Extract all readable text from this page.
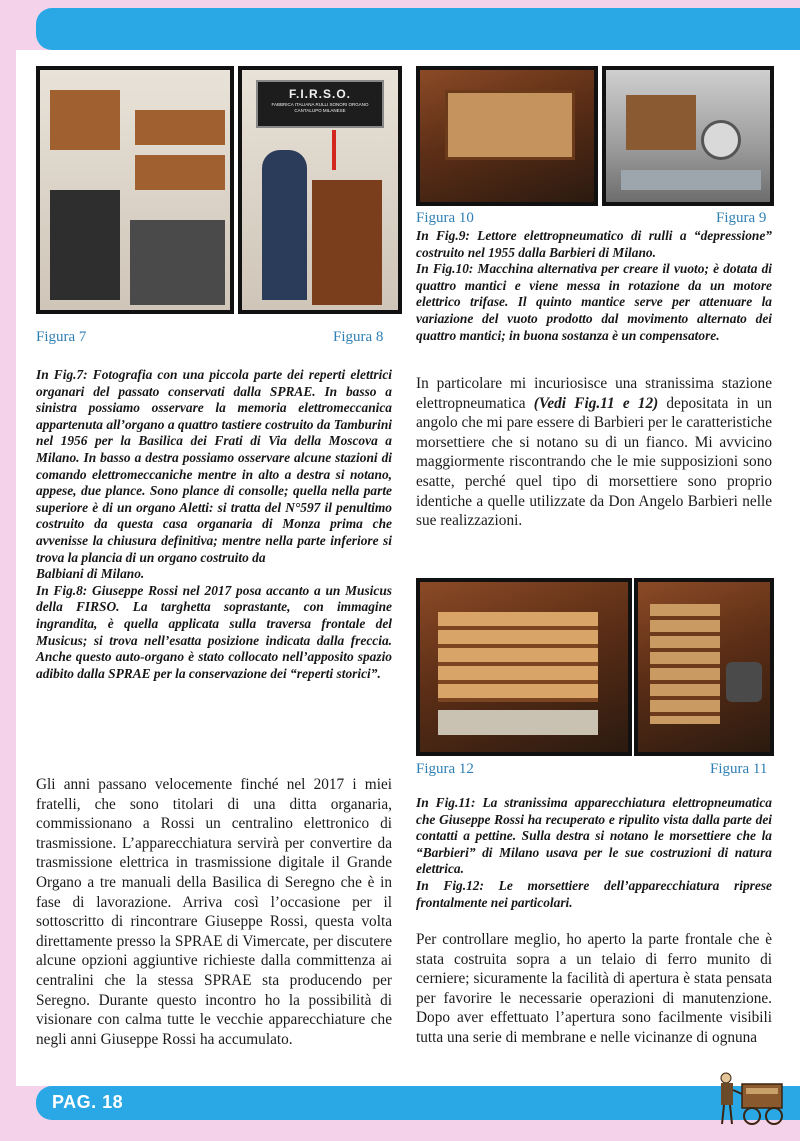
F.I.R.S.O.
FABBRICA ITALIANA RULLI SONORI ORGANO
CANTALUPO MILANESE
Figura 7	Figura 8
Figura 10	Figura 9

In Fig.9: Lettore elettropneumatico di rulli a “depressione” costruito nel 1955 dalla Barbieri di Milano.

In Fig.10: Macchina alternativa per creare il vuoto; è dotata di quattro mantici e viene messa in rotazione da un motore elettrico trifase. Il quinto mantice serve per attenuare la variazione del vuoto prodotto dal movimento alternato dei quattro mantici; in buona sostanza è un compensatore.

In Fig.7: Fotografia con una piccola parte dei reperti elettrici organari del passato conservati dalla SPRAE. In basso a sinistra possiamo osservare la memoria elettromeccanica appartenuta all’organo a quattro tastiere costruito da Tamburini nel 1956 per la Basilica dei Frati di Via della Moscova a Milano. In basso a destra possiamo osservare alcune stazioni di comando elettromeccaniche mentre in alto a destra si notano, appese, due plance. Sono plance di consolle; quella nella parte superiore è di un organo Aletti: si tratta del N°597 il penultimo costruito da questa casa organaria di Monza prima che avvenisse la chiusura definitiva; mentre nella parte inferiore si trova la plancia di un organo costruito da

Balbiani di Milano.

In Fig.8: Giuseppe Rossi nel 2017 posa accanto a un Musicus della FIRSO. La targhetta soprastante, con immagine ingrandita, è quella applicata sulla traversa frontale del Musicus; si trova nell’esatta posizione indicata dalla freccia. Anche questo auto-organo è stato collocato nell’apposito spazio adibito dalla SPRAE per la conservazione dei “reperti storici”.

In particolare mi incuriosisce una stranissima stazione elettropneumatica (Vedi Fig.11 e 12) depositata in un angolo che mi pare essere di Barbieri per le caratteristiche morsettiere che si notano su di un fianco. Mi avvicino maggiormente riscontrando che le mie supposizioni sono esatte, perché quel tipo di morsettiere sono proprio identiche a quelle utilizzate da Don Angelo Barbieri nelle sue realizzazioni.
Figura 12	Figura 11

In Fig.11: La stranissima apparecchiatura elettropneumatica che Giuseppe Rossi ha recuperato e ripulito vista dalla parte dei contatti a pettine. Sulla destra si notano le morsettiere che la “Barbieri” di Milano usava per le sue costruzioni di natura elettrica.

In Fig.12: Le morsettiere dell’apparecchiatura riprese frontalmente nei particolari.

Gli anni passano velocemente finché nel 2017 i miei fratelli, che sono titolari di una ditta organaria, commissionano a Rossi un centralino elettronico di trasmissione. L’apparecchiatura servirà per convertire da trasmissione elettrica in trasmissione digitale il Grande Organo a tre manuali della Basilica di Seregno che è in fase di lavorazione. Arriva così l’occasione per il sottoscritto di rincontrare Giuseppe Rossi, questa volta direttamente presso la SPRAE di Vimercate, per discutere alcune opzioni aggiuntive richieste dalla committenza ai centralini che la stessa SPRAE sta producendo per Seregno. Durante questo incontro ho la possibilità di visionare con calma tutte le vecchie apparecchiature che negli anni Giuseppe Rossi ha accumulato.
Per controllare meglio, ho aperto la parte frontale che è stata costruita sopra a un telaio di ferro munito di cerniere; sicuramente la facilità di apertura è stata pensata per favorire le necessarie operazioni di manutenzione. Dopo aver effettuato l’apertura sono facilmente visibili tutta una serie di membrane e nelle vicinanze di ognuna
PAG. 18
